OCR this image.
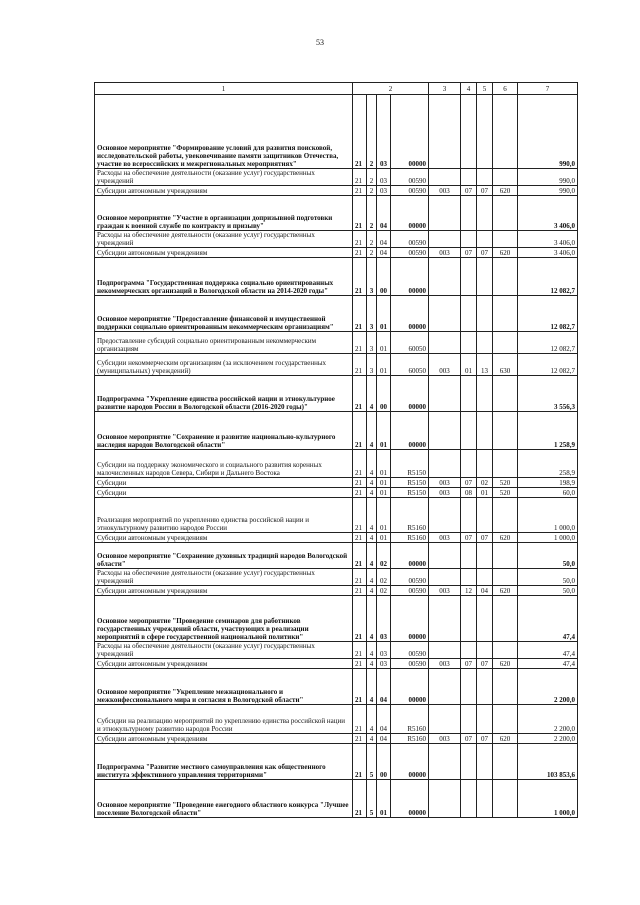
53
1	2				3	4	5	6	7
Основное мероприятие "Формирование условий для развития поисковой, исследовательской работы, увековечивание памяти защитников Отечества, участие во всероссийских и межрегиональных мероприятиях"	21	2	03	00000					990,0
Расходы на обеспечение деятельности (оказание услуг) государственных учреждений	21	2	03	00590					990,0
Субсидии автономным учреждениям	21	2	03	00590	003	07	07	620	990,0
Основное мероприятие "Участие в организации допризывной подготовки граждан к военной службе по контракту и призыву"	21	2	04	00000					3 406,0
Расходы на обеспечение деятельности (оказание услуг) государственных учреждений	21	2	04	00590					3 406,0
Субсидии автономным учреждениям	21	2	04	00590	003	07	07	620	3 406,0
Подпрограмма "Государственная поддержка социально ориентированных некоммерческих организаций в Вологодской области на 2014-2020 годы"	21	3	00	00000					12 082,7
Основное мероприятие "Предоставление финансовой и имущественной поддержки социально ориентированным некоммерческим организациям"	21	3	01	00000					12 082,7
Предоставление субсидий социально ориентированным некоммерческим организациям	21	3	01	60050					12 082,7
Субсидии некоммерческим организациям (за исключением государственных (муниципальных) учреждений)	21	3	01	60050	003	01	13	630	12 082,7
Подпрограмма "Укрепление единства российской нации и этнокультурное развитие народов России в Вологодской области (2016-2020 годы)"	21	4	00	00000					3 556,3
Основное мероприятие "Сохранение и развитие национально-культурного наследия народов Вологодской области"	21	4	01	00000					1 258,9
Субсидии на поддержку экономического и социального развития коренных малочисленных народов Севера, Сибири и Дальнего Востока	21	4	01	R5150					258,9
Субсидии	21	4	01	R5150	003	07	02	520	198,9
Субсидии	21	4	01	R5150	003	08	01	520	60,0
Реализация мероприятий по укреплению единства российской нации и этнокультурному развитию народов России	21	4	01	R5160					1 000,0
Субсидии автономным учреждениям	21	4	01	R5160	003	07	07	620	1 000,0
Основное мероприятие "Сохранение духовных традиций народов Вологодской области"	21	4	02	00000					50,0
Расходы на обеспечение деятельности (оказание услуг) государственных учреждений	21	4	02	00590					50,0
Субсидии автономным учреждениям	21	4	02	00590	003	12	04	620	50,0
Основное мероприятие "Проведение семинаров для работников государственных учреждений области, участвующих в реализации мероприятий в сфере государственной национальной политики"	21	4	03	00000					47,4
Расходы на обеспечение деятельности (оказание услуг) государственных учреждений	21	4	03	00590					47,4
Субсидии автономным учреждениям	21	4	03	00590	003	07	07	620	47,4
Основное мероприятие "Укрепление межнационального и межконфессионального мира и согласия в Вологодской области"	21	4	04	00000					2 200,0
Субсидии на реализацию мероприятий по укреплению единства российской нации и этнокультурному развитию народов России	21	4	04	R5160					2 200,0
Субсидии автономным учреждениям	21	4	04	R5160	003	07	07	620	2 200,0
Подпрограмма "Развитие местного самоуправления как общественного института эффективного управления территориями"	21	5	00	00000					103 853,6
Основное мероприятие "Проведение ежегодного областного конкурса "Лучшее поселение Вологодской области"	21	5	01	00000					1 000,0
